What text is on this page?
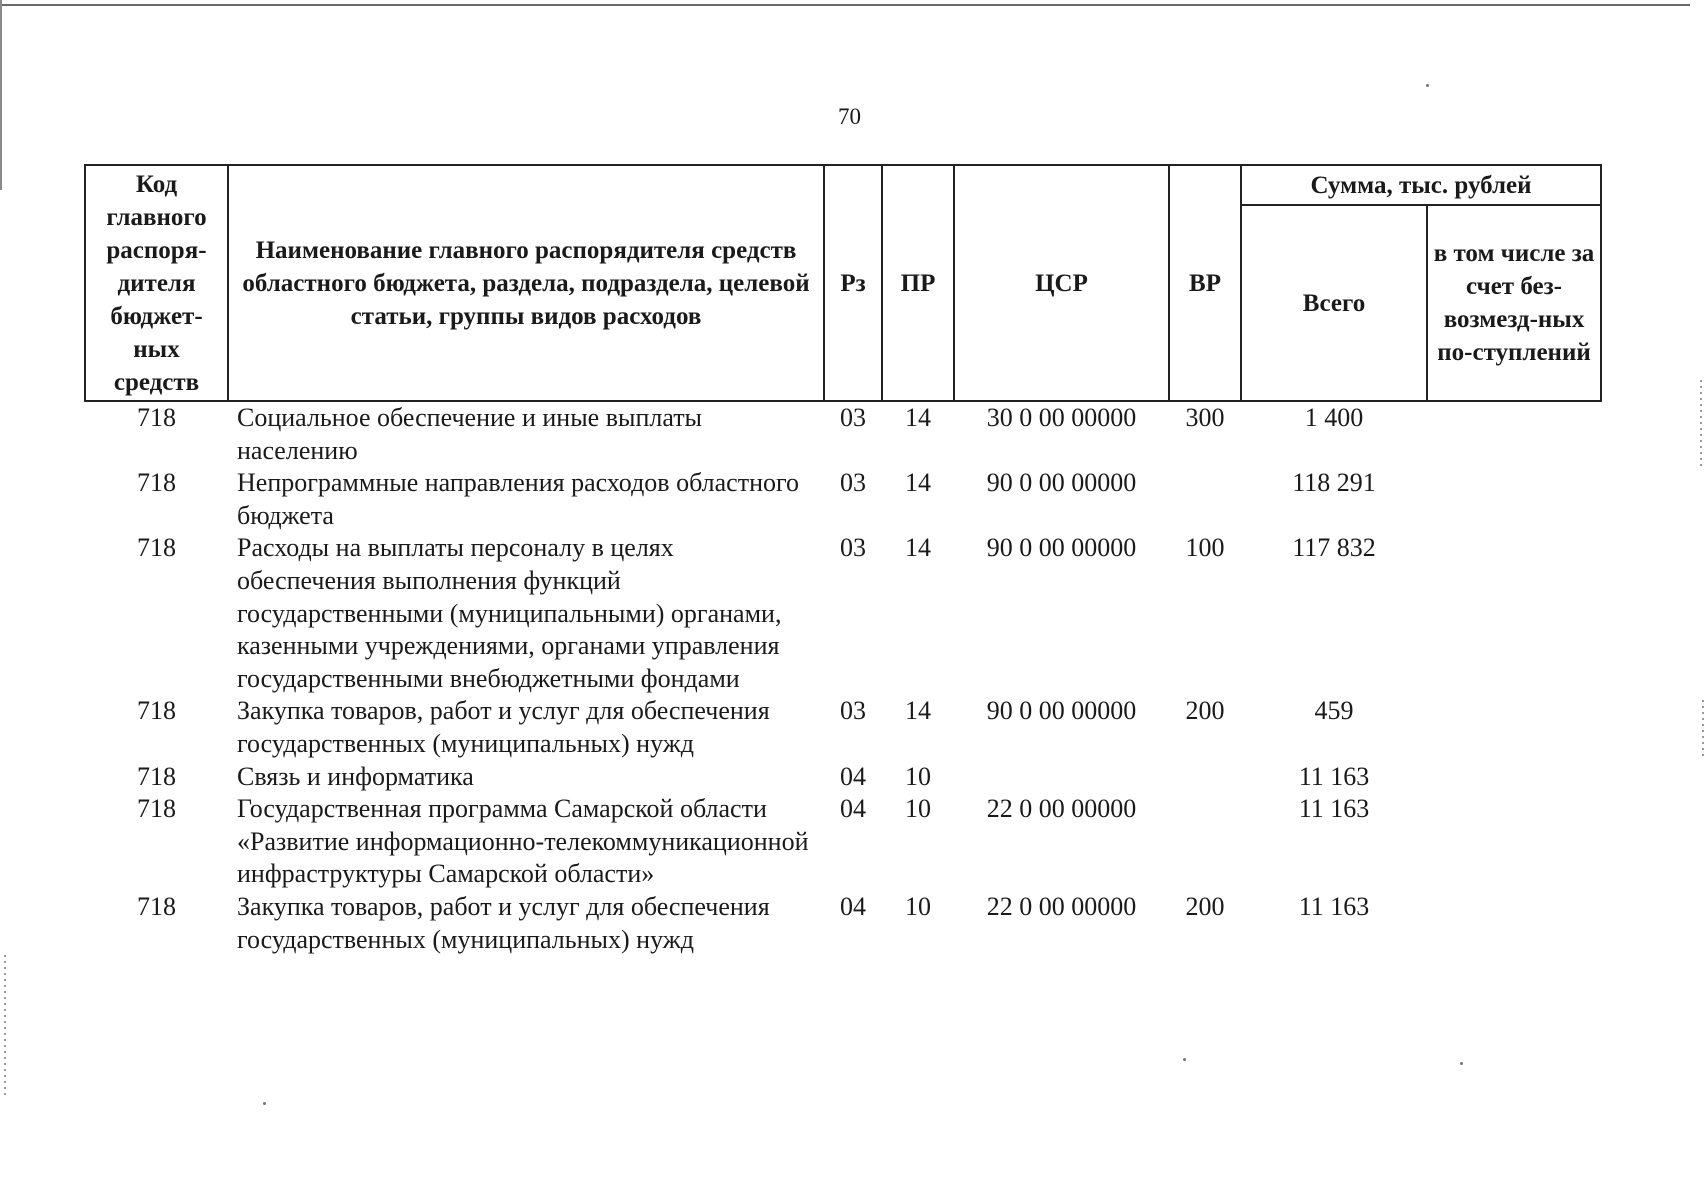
70
Код главного распоря-дителя бюджет-ных средств	Наименование главного распорядителя средств областного бюджета, раздела, подраздела, целевой статьи, группы видов расходов	Рз	ПР	ЦСР	ВР	Сумма, тыс. рублей	
						Всего	в том числе за счет без-возмезд-ных по-ступлений
718	Социальное обеспечение и иные выплаты населению	03	14	30 0 00 00000	300	1 400	
718	Непрограммные направления расходов областного бюджета	03	14	90 0 00 00000		118 291	
718	Расходы на выплаты персоналу в целях обеспечения выполнения функций государственными (муниципальными) органами, казенными учреждениями, органами управления государственными внебюджетными фондами	03	14	90 0 00 00000	100	117 832	
718	Закупка товаров, работ и услуг для обеспечения государственных (муниципальных) нужд	03	14	90 0 00 00000	200	459	
718	Связь и информатика	04	10			11 163	
718	Государственная программа Самарской области «Развитие информационно-телекоммуникационной инфраструктуры Самарской области»	04	10	22 0 00 00000		11 163	
718	Закупка товаров, работ и услуг для обеспечения государственных (муниципальных) нужд	04	10	22 0 00 00000	200	11 163	
